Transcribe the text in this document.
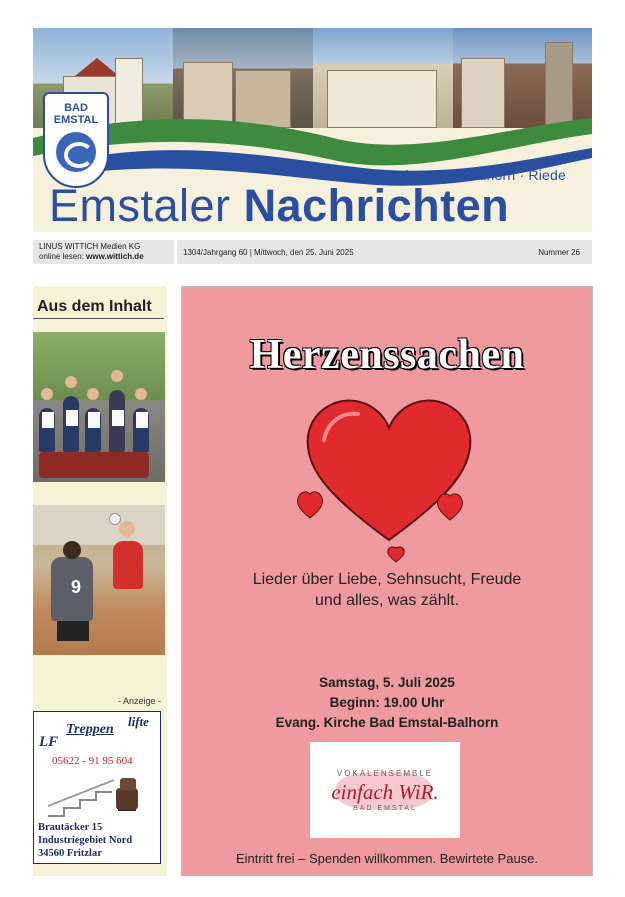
BAD
EMSTAL
Sand · Merxhausen · Balhorn · Riede
Emstaler Nachrichten
LINUS WITTICH Medien KG
online lesen: www.wittich.de	1304/Jahrgang 60 | Mittwoch, den 25. Juni 2025	Nummer 26
Aus dem Inhalt
9
- Anzeige -
Treppen
lifte
LF
05622 - 91 95 604
Brautäcker 15
Industriegebiet Nord
34560 Fritzlar
Herzenssachen
Lieder über Liebe, Sehnsucht, Freude
und alles, was zählt.
Samstag, 5. Juli 2025
Beginn: 19.00 Uhr
Evang. Kirche Bad Emstal-Balhorn
VOKALENSEMBLE
einfach WiR.
BAD EMSTAL
Eintritt frei – Spenden willkommen. Bewirtete Pause.
